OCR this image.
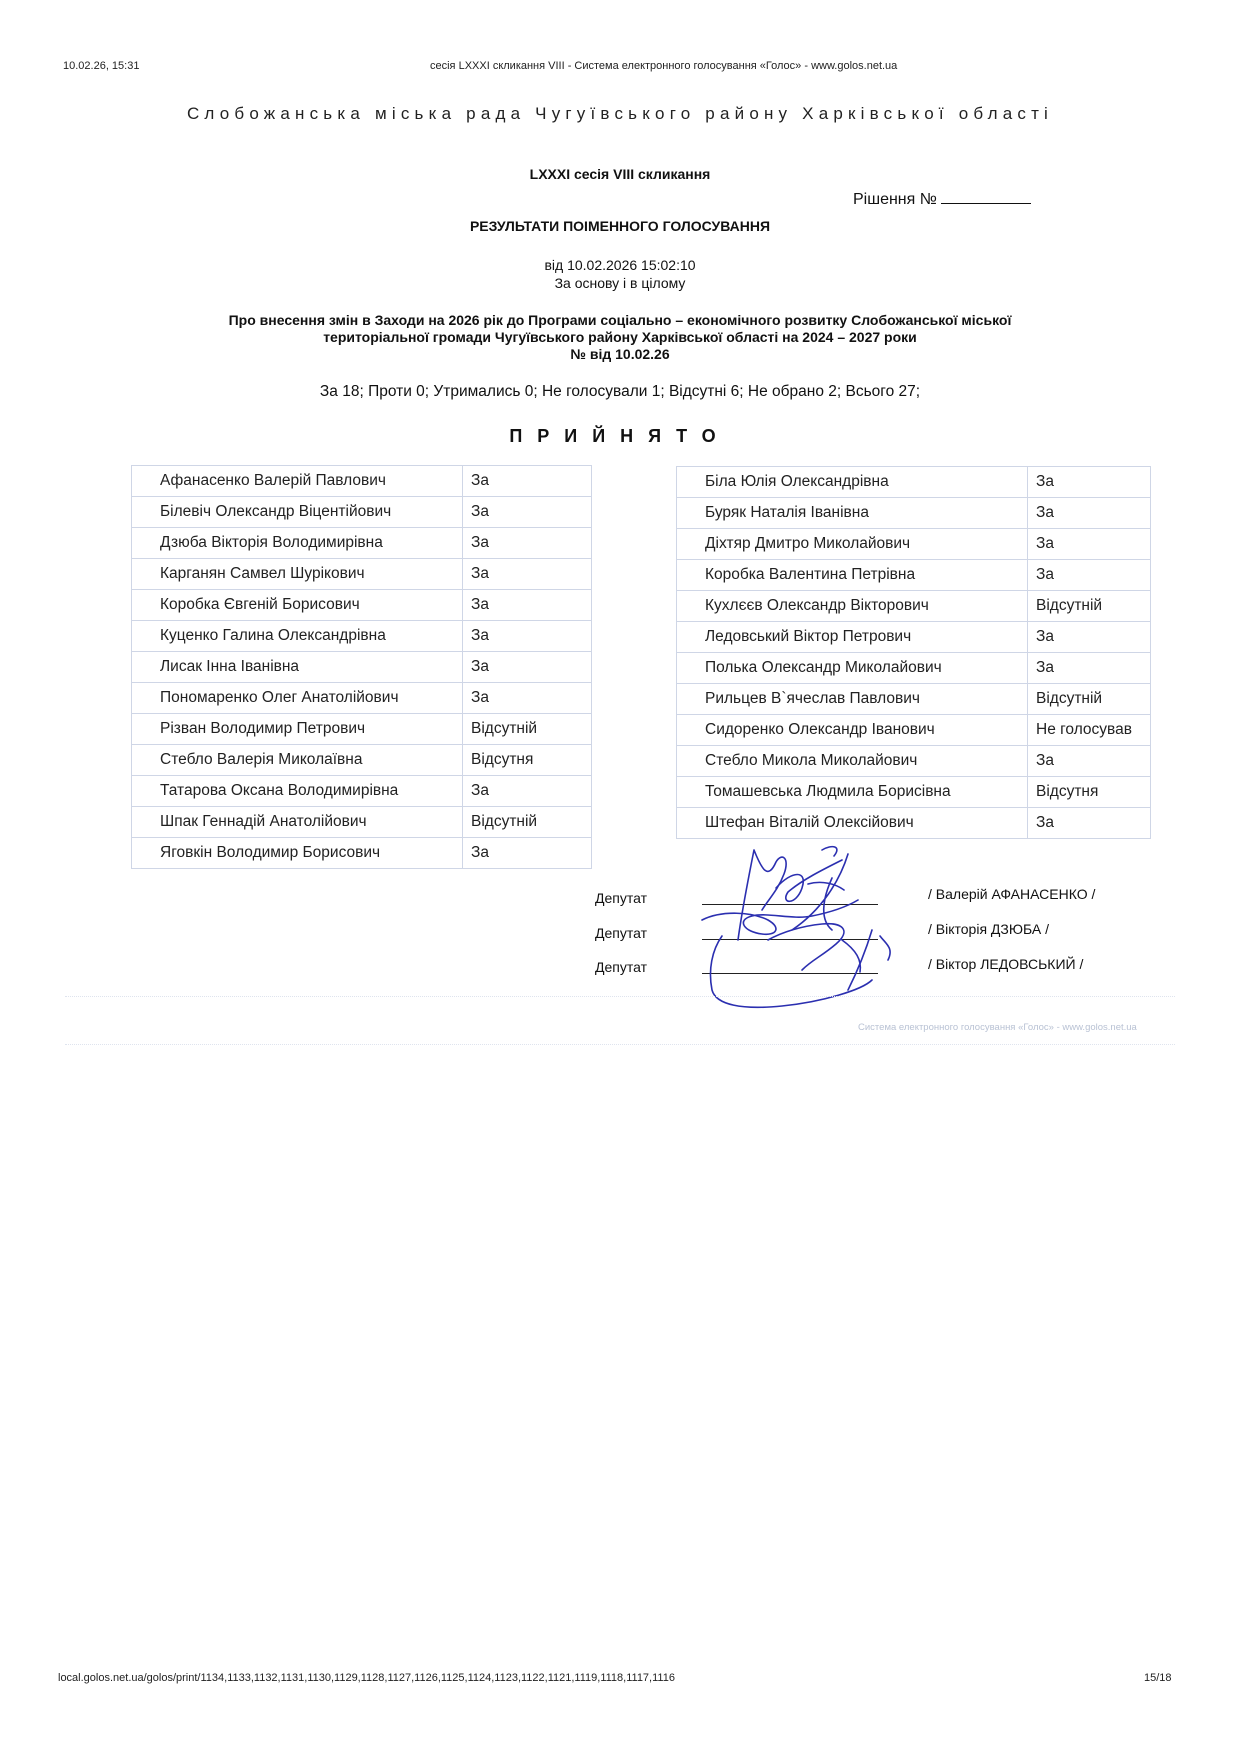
10.02.26, 15:31	сесія LXXXI скликання VIII - Система електронного голосування «Голос» - www.golos.net.ua
Слобожанська міська рада Чугуївського району Харківської області
LXXXI сесія VIII скликання
Рішення №
РЕЗУЛЬТАТИ ПОІМЕННОГО ГОЛОСУВАННЯ
від 10.02.2026 15:02:10
За основу і в цілому
Про внесення змін в Заходи на 2026 рік до Програми соціально – економічного розвитку Слобожанської міської
територіальної громади Чугуївського району Харківської області на 2024 – 2027 роки
№ від 10.02.26
За 18; Проти 0; Утримались 0; Не голосували 1; Відсутні 6; Не обрано 2; Всього 27;
ПРИЙНЯТО
Афанасенко Валерій Павлович	За
Білевіч Олександр Віцентійович	За
Дзюба Вікторія Володимирівна	За
Карганян Самвел Шурікович	За
Коробка Євгеній Борисович	За
Куценко Галина Олександрівна	За
Лисак Інна Іванівна	За
Пономаренко Олег Анатолійович	За
Різван Володимир Петрович	Відсутній
Стебло Валерія Миколаївна	Відсутня
Татарова Оксана Володимирівна	За
Шпак Геннадій Анатолійович	Відсутній
Яговкін Володимир Борисович	За
Біла Юлія Олександрівна	За
Буряк Наталія Іванівна	За
Діхтяр Дмитро Миколайович	За
Коробка Валентина Петрівна	За
Кухлєєв Олександр Вікторович	Відсутній
Ледовський Віктор Петрович	За
Полька Олександр Миколайович	За
Рильцев В`ячеслав Павлович	Відсутній
Сидоренко Олександр Іванович	Не голосував
Стебло Микола Миколайович	За
Томашевська Людмила Борисівна	Відсутня
Штефан Віталій Олексійович	За
Депутат	/ Валерій АФАНАСЕНКО /
Депутат	/ Вікторія ДЗЮБА /
Депутат	/ Віктор ЛЕДОВСЬКИЙ /
Система електронного голосування «Голос» - www.golos.net.ua
local.golos.net.ua/golos/print/1134,1133,1132,1131,1130,1129,1128,1127,1126,1125,1124,1123,1122,1121,1119,1118,1117,1116	15/18
